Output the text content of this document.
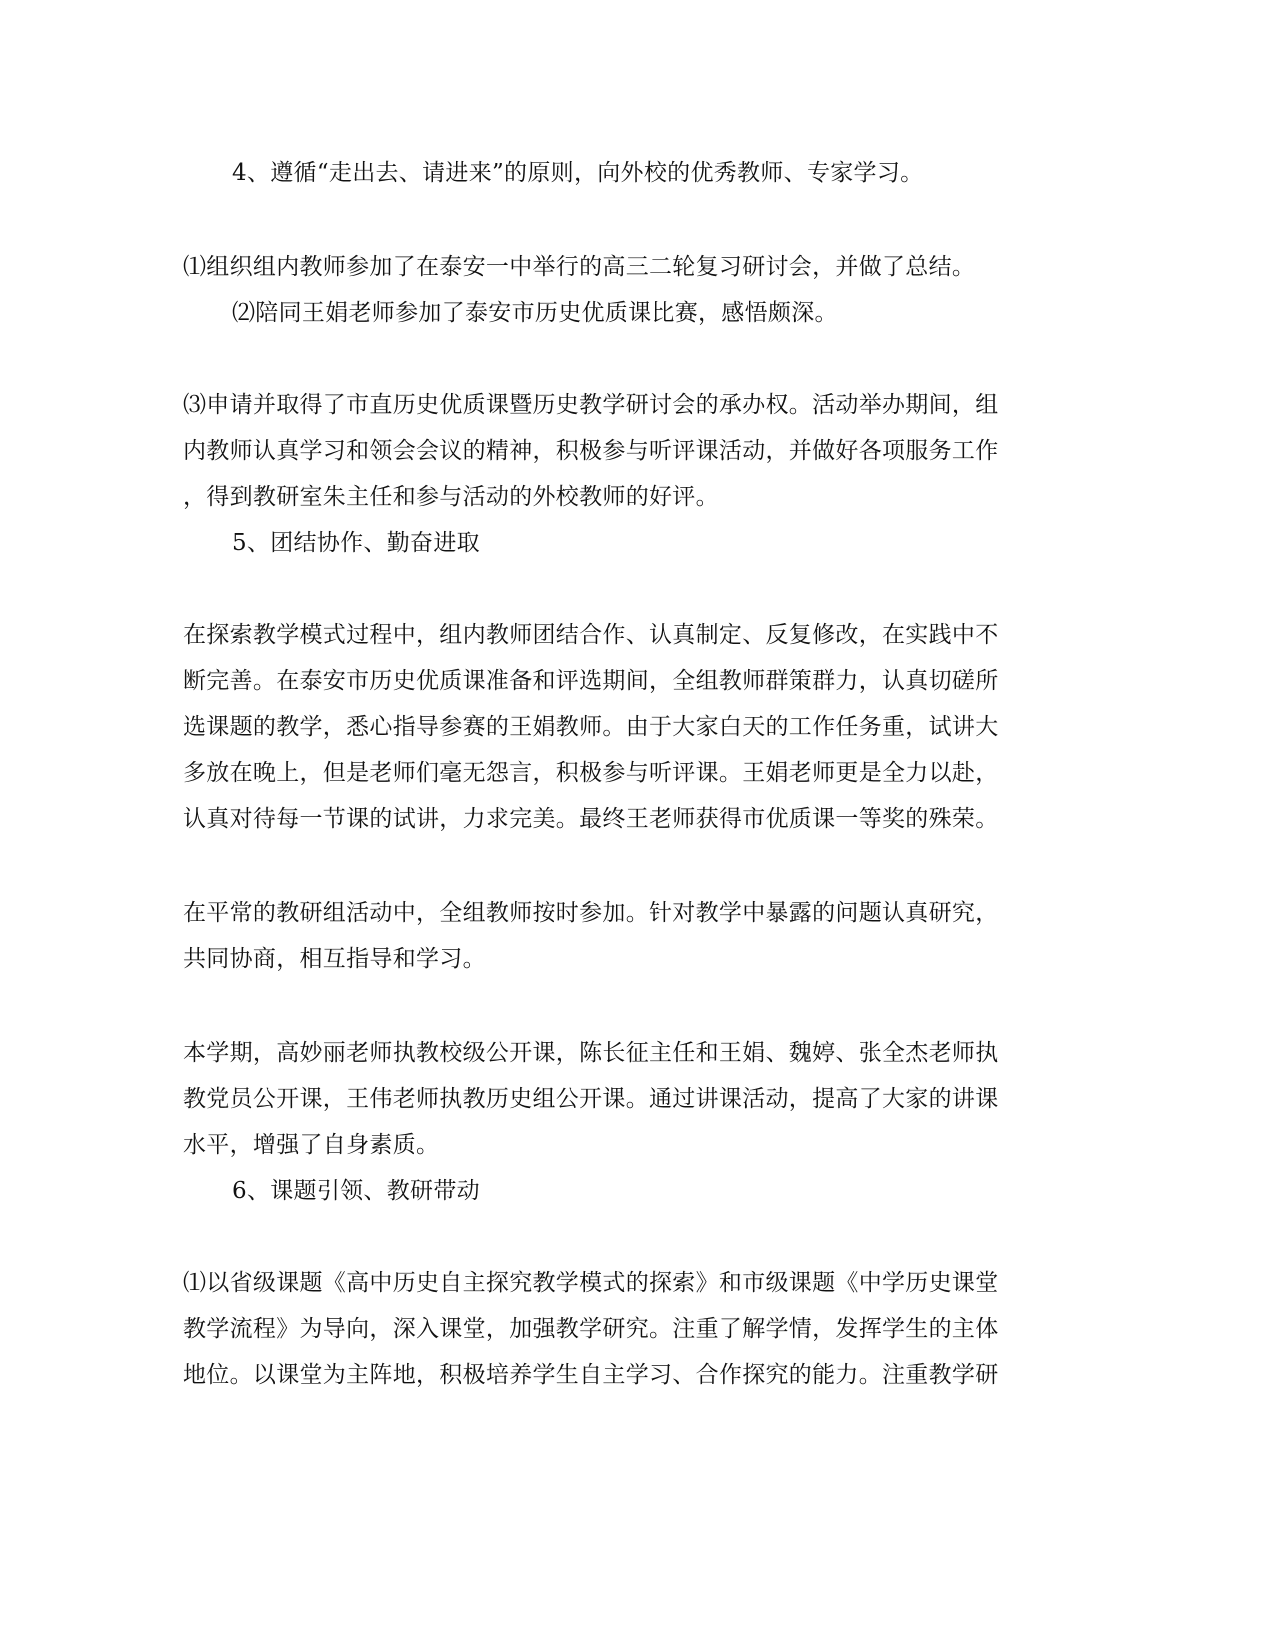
4、遵循“走出去、请进来”的原则，向外校的优秀教师、专家学习。
⑴组织组内教师参加了在泰安一中举行的高三二轮复习研讨会，并做了总结。
⑵陪同王娟老师参加了泰安市历史优质课比赛，感悟颇深。
⑶申请并取得了市直历史优质课暨历史教学研讨会的承办权。活动举办期间，组
内教师认真学习和领会会议的精神，积极参与听评课活动，并做好各项服务工作
，得到教研室朱主任和参与活动的外校教师的好评。
5、团结协作、勤奋进取
在探索教学模式过程中，组内教师团结合作、认真制定、反复修改，在实践中不
断完善。在泰安市历史优质课准备和评选期间，全组教师群策群力，认真切磋所
选课题的教学，悉心指导参赛的王娟教师。由于大家白天的工作任务重，试讲大
多放在晚上，但是老师们毫无怨言，积极参与听评课。王娟老师更是全力以赴，
认真对待每一节课的试讲，力求完美。最终王老师获得市优质课一等奖的殊荣。
在平常的教研组活动中，全组教师按时参加。针对教学中暴露的问题认真研究，
共同协商，相互指导和学习。
本学期，高妙丽老师执教校级公开课，陈长征主任和王娟、魏婷、张全杰老师执
教党员公开课，王伟老师执教历史组公开课。通过讲课活动，提高了大家的讲课
水平，增强了自身素质。
6、课题引领、教研带动
⑴以省级课题《高中历史自主探究教学模式的探索》和市级课题《中学历史课堂
教学流程》为导向，深入课堂，加强教学研究。注重了解学情，发挥学生的主体
地位。以课堂为主阵地，积极培养学生自主学习、合作探究的能力。注重教学研
